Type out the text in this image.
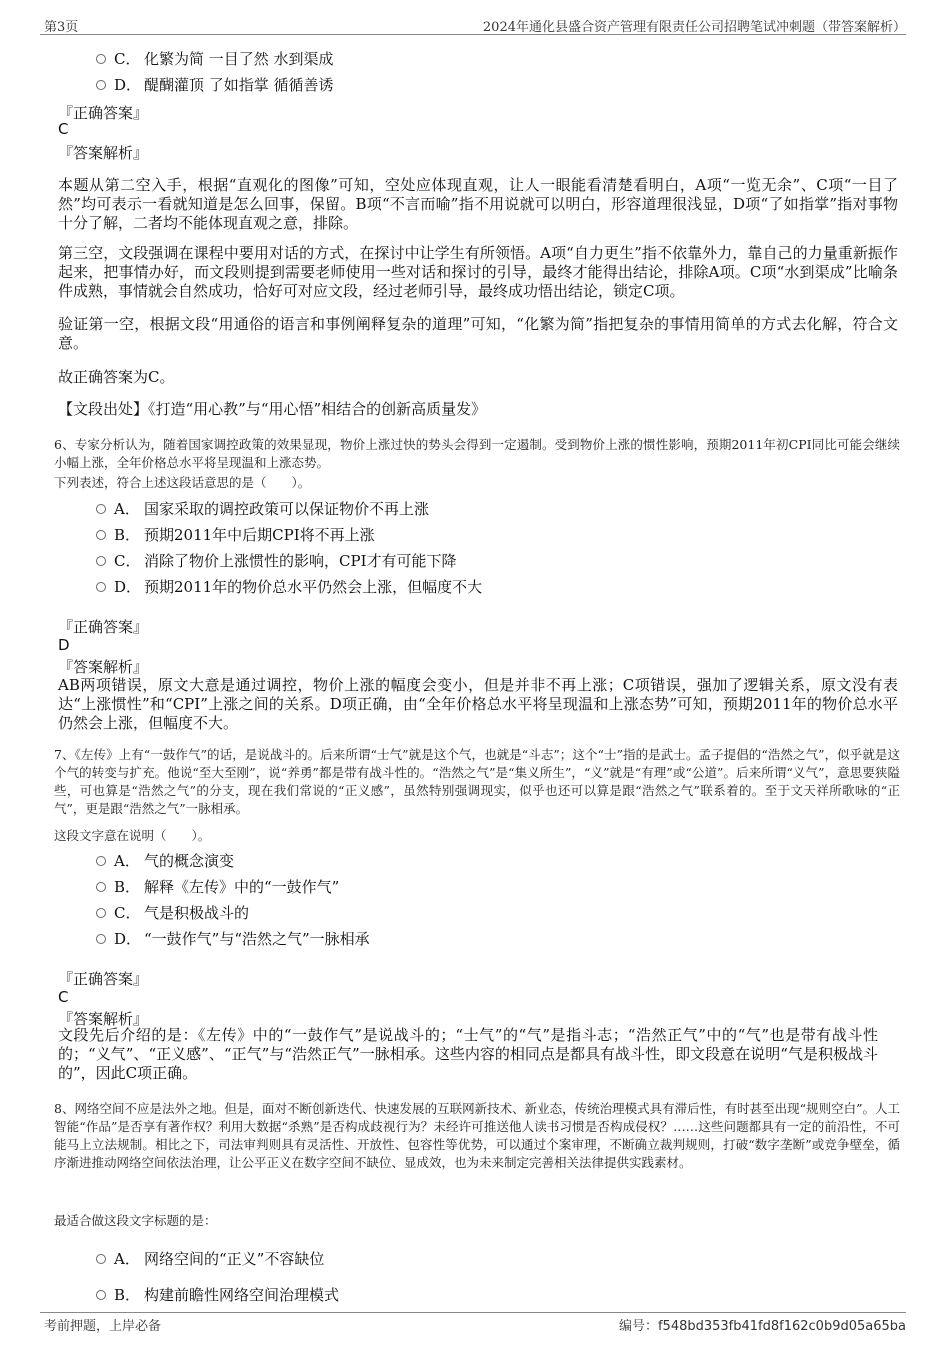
第3页	2024年通化县盛合资产管理有限责任公司招聘笔试冲刺题（带答案解析）
C． 化繁为简 一目了然 水到渠成
D． 醍醐灌顶 了如指掌 循循善诱
『正确答案』
C
『答案解析』
本题从第二空入手，根据“直观化的图像”可知，空处应体现直观，让人一眼能看清楚看明白，A项“一览无余”、C项“一目了然”均可表示一看就知道是怎么回事，保留。B项“不言而喻”指不用说就可以明白，形容道理很浅显，D项“了如指掌”指对事物十分了解，二者均不能体现直观之意，排除。
第三空，文段强调在课程中要用对话的方式，在探讨中让学生有所领悟。A项“自力更生”指不依靠外力，靠自己的力量重新振作起来，把事情办好，而文段则提到需要老师使用一些对话和探讨的引导，最终才能得出结论，排除A项。C项“水到渠成”比喻条件成熟，事情就会自然成功，恰好可对应文段，经过老师引导，最终成功悟出结论，锁定C项。
验证第一空，根据文段“用通俗的语言和事例阐释复杂的道理”可知，“化繁为简”指把复杂的事情用简单的方式去化解，符合文意。
故正确答案为C。
【文段出处】《打造“用心教”与“用心悟”相结合的创新高质量发》
6、专家分析认为，随着国家调控政策的效果显现，物价上涨过快的势头会得到一定遏制。受到物价上涨的惯性影响，预期2011年初CPI同比可能会继续小幅上涨，全年价格总水平将呈现温和上涨态势。
下列表述，符合上述这段话意思的是（　　）。
A． 国家采取的调控政策可以保证物价不再上涨
B． 预期2011年中后期CPI将不再上涨
C． 消除了物价上涨惯性的影响，CPI才有可能下降
D． 预期2011年的物价总水平仍然会上涨，但幅度不大
『正确答案』
D
『答案解析』
AB两项错误，原文大意是通过调控，物价上涨的幅度会变小，但是并非不再上涨；C项错误，强加了逻辑关系，原文没有表达“上涨惯性”和“CPI”上涨之间的关系。D项正确，由“全年价格总水平将呈现温和上涨态势”可知，预期2011年的物价总水平仍然会上涨，但幅度不大。
7、《左传》上有“一鼓作气”的话，是说战斗的。后来所谓“士气”就是这个气，也就是“斗志”；这个“士”指的是武士。孟子提倡的“浩然之气”，似乎就是这个气的转变与扩充。他说“至大至刚”，说“养勇”都是带有战斗性的。“浩然之气”是“集义所生”，“义”就是“有理”或“公道”。后来所谓“义气”，意思要狭隘些，可也算是“浩然之气”的分支，现在我们常说的“正义感”，虽然特别强调现实，似乎也还可以算是跟“浩然之气”联系着的。至于文天祥所歌咏的“正气”，更是跟“浩然之气”一脉相承。
这段文字意在说明（　　）。
A． 气的概念演变
B． 解释《左传》中的“一鼓作气”
C． 气是积极战斗的
D． “一鼓作气”与“浩然之气”一脉相承
『正确答案』
C
『答案解析』
文段先后介绍的是：《左传》中的“一鼓作气”是说战斗的；“士气”的“气”是指斗志；“浩然正气”中的“气”也是带有战斗性的；“义气”、“正义感”、“正气”与“浩然正气”一脉相承。这些内容的相同点是都具有战斗性，即文段意在说明“气是积极战斗的”，因此C项正确。
8、网络空间不应是法外之地。但是，面对不断创新迭代、快速发展的互联网新技术、新业态，传统治理模式具有滞后性，有时甚至出现“规则空白”。人工智能“作品”是否享有著作权？利用大数据“杀熟”是否构成歧视行为？未经许可推送他人读书习惯是否构成侵权？……这些问题都具有一定的前沿性，不可能马上立法规制。相比之下，司法审判则具有灵活性、开放性、包容性等优势，可以通过个案审理，不断确立裁判规则，打破“数字垄断”或竞争壁垒，循序渐进推动网络空间依法治理，让公平正义在数字空间不缺位、显成效，也为未来制定完善相关法律提供实践素材。
最适合做这段文字标题的是：
A． 网络空间的“正义”不容缺位
B． 构建前瞻性网络空间治理模式
考前押题，上岸必备	编号：f548bd353fb41fd8f162c0b9d05a65ba
